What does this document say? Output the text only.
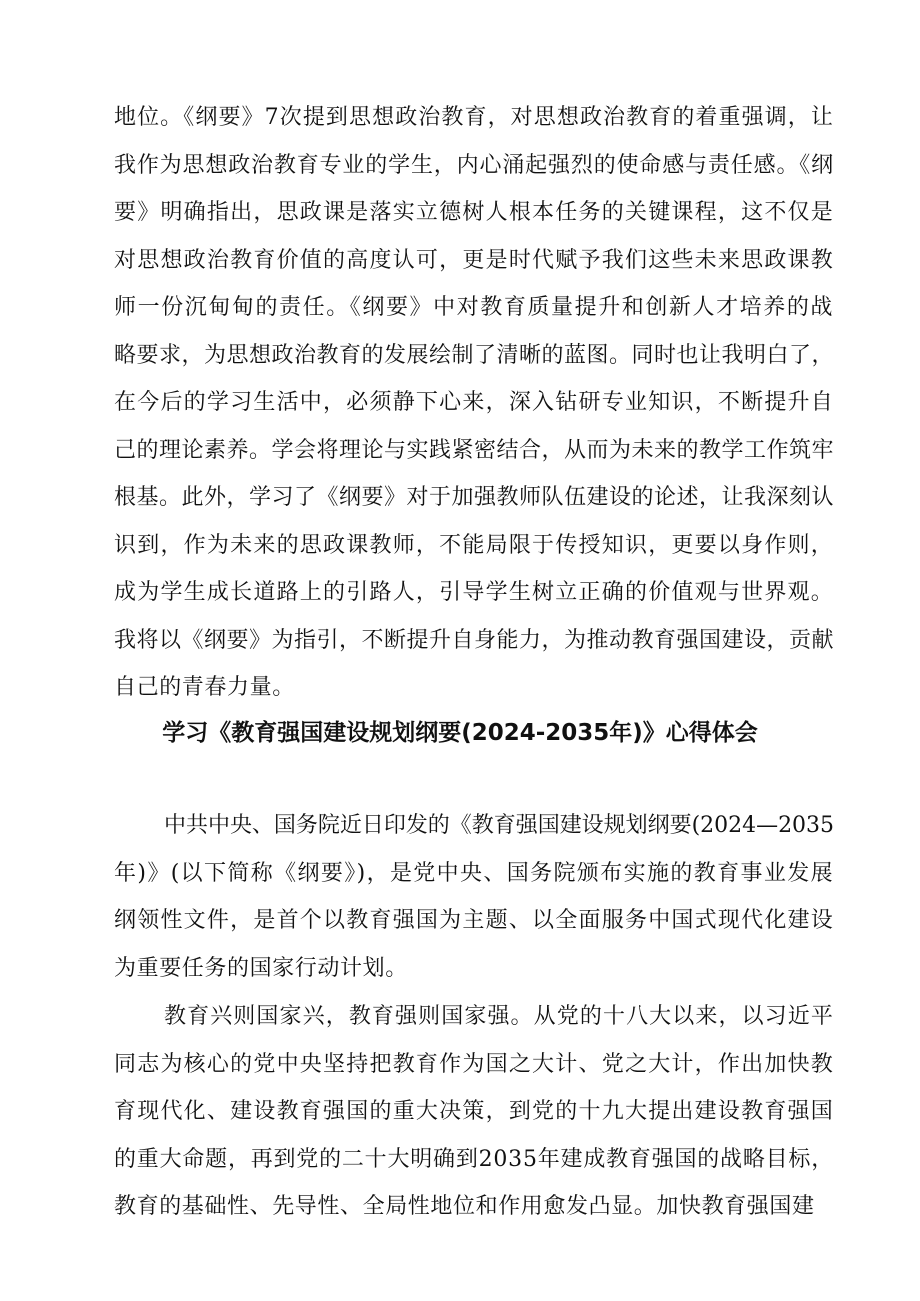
地位。《纲要》7次提到思想政治教育，对思想政治教育的着重强调，让
我作为思想政治教育专业的学生，内心涌起强烈的使命感与责任感。《纲
要》明确指出，思政课是落实立德树人根本任务的关键课程，这不仅是
对思想政治教育价值的高度认可，更是时代赋予我们这些未来思政课教
师一份沉甸甸的责任。《纲要》中对教育质量提升和创新人才培养的战
略要求，为思想政治教育的发展绘制了清晰的蓝图。同时也让我明白了，
在今后的学习生活中，必须静下心来，深入钻研专业知识，不断提升自
己的理论素养。学会将理论与实践紧密结合，从而为未来的教学工作筑牢
根基。此外，学习了《纲要》对于加强教师队伍建设的论述，让我深刻认
识到，作为未来的思政课教师，不能局限于传授知识，更要以身作则，
成为学生成长道路上的引路人，引导学生树立正确的价值观与世界观。
我将以《纲要》为指引，不断提升自身能力，为推动教育强国建设，贡献
自己的青春力量。
学习《教育强国建设规划纲要(2024-2035年)》心得体会
中共中央、国务院近日印发的《教育强国建设规划纲要(2024—2035
年)》(以下简称《纲要》)，是党中央、国务院颁布实施的教育事业发展
纲领性文件，是首个以教育强国为主题、以全面服务中国式现代化建设
为重要任务的国家行动计划。
教育兴则国家兴，教育强则国家强。从党的十八大以来，以习近平
同志为核心的党中央坚持把教育作为国之大计、党之大计，作出加快教
育现代化、建设教育强国的重大决策，到党的十九大提出建设教育强国
的重大命题，再到党的二十大明确到2035年建成教育强国的战略目标，
教育的基础性、先导性、全局性地位和作用愈发凸显。加快教育强国建
